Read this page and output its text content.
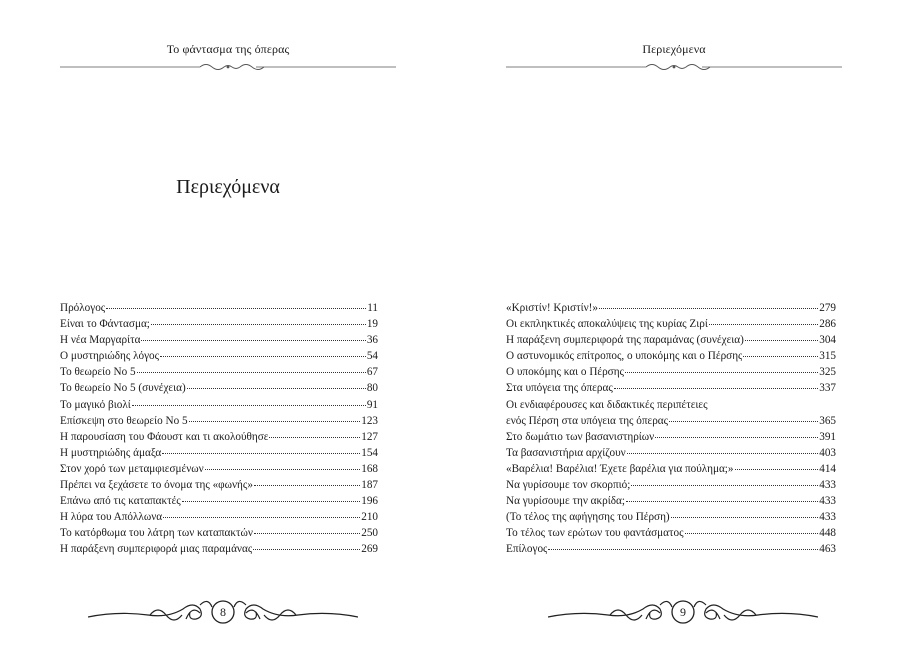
Το φάντασμα της όπερας
Περιεχόμενα
Πρόλογος	11
Είναι το Φάντασμα;	19
Η νέα Μαργαρίτα	36
Ο μυστηριώδης λόγος	54
Το θεωρείο Νο 5	67
Το θεωρείο Νο 5 (συνέχεια)	80
Το μαγικό βιολί	91
Επίσκεψη στο θεωρείο Νο 5	123
Η παρουσίαση του Φάουστ και τι ακολούθησε	127
Η μυστηριώδης άμαξα	154
Στον χορό των μεταμφιεσμένων	168
Πρέπει να ξεχάσετε το όνομα της «φωνής»	187
Επάνω από τις καταπακτές	196
Η λύρα του Απόλλωνα	210
Το κατόρθωμα του λάτρη των καταπακτών	250
Η παράξενη συμπεριφορά μιας παραμάνας	269
8
Περιεχόμενα
«Κριστίν! Κριστίν!»	279
Οι εκπληκτικές αποκαλύψεις της κυρίας Ζιρί	286
Η παράξενη συμπεριφορά της παραμάνας (συνέχεια)	304
Ο αστυνομικός επίτροπος, ο υποκόμης και ο Πέρσης	315
Ο υποκόμης και ο Πέρσης	325
Στα υπόγεια της όπερας	337
Οι ενδιαφέρουσες και διδακτικές περιπέτειες
ενός Πέρση στα υπόγεια της όπερας	365
Στο δωμάτιο των βασανιστηρίων	391
Τα βασανιστήρια αρχίζουν	403
«Βαρέλια! Βαρέλια! Έχετε βαρέλια για πούλημα;»	414
Να γυρίσουμε τον σκορπιό;	433
Να γυρίσουμε την ακρίδα;	433
(Το τέλος της αφήγησης του Πέρση)	433
Το τέλος των ερώτων του φαντάσματος	448
Επίλογος	463
9
